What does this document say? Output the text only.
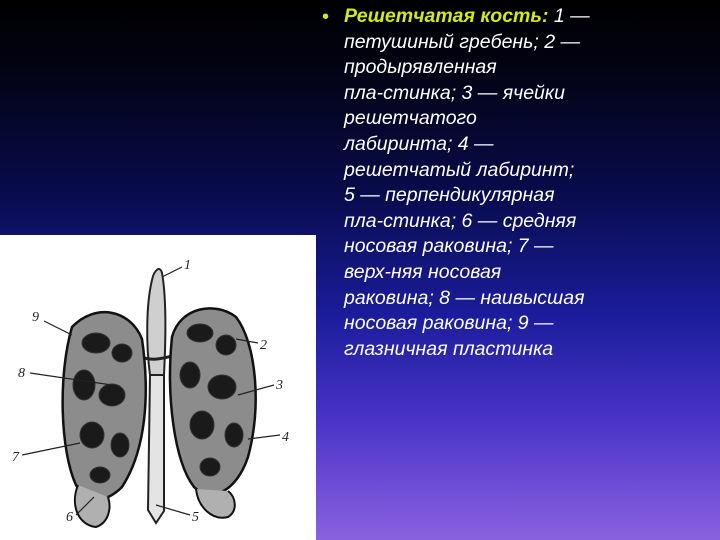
• Решетчатая кость: 1 —
петушиный гребень; 2 —
продырявленная
пла-стинка; 3 — ячейки
решетчатого
лабиринта; 4 —
решетчатый лабиринт;
5 — перпендикулярная
пла-стинка; 6 — средняя
носовая раковина; 7 —
верх-няя носовая
раковина; 8 — наивысшая
носовая раковина; 9 —
глазничная пластинка
1
2
3
4
5
6
7
8
9
